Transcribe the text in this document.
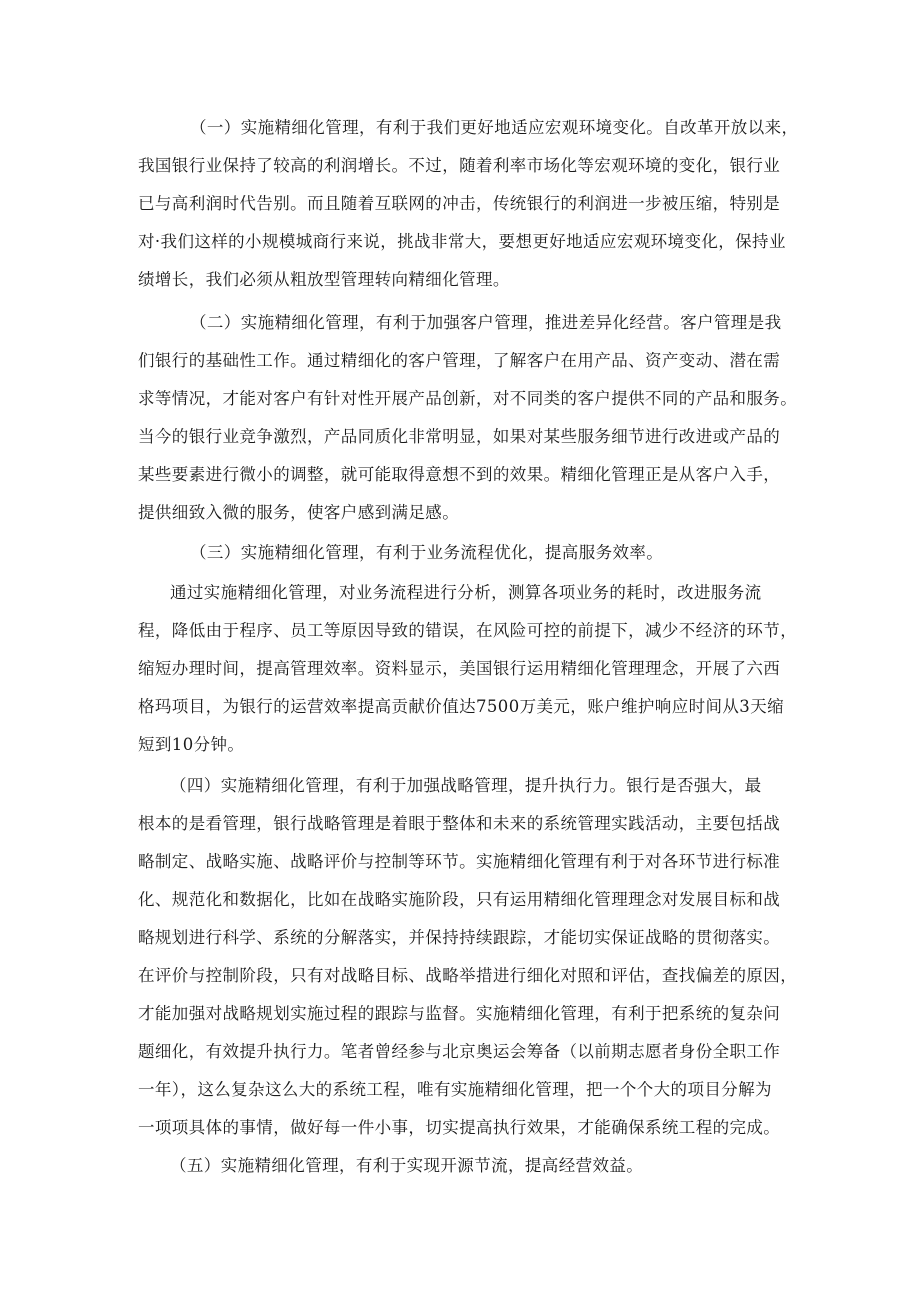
（一）实施精细化管理，有利于我们更好地适应宏观环境变化。自改革开放以来，
我国银行业保持了较高的利润增长。不过，随着利率市场化等宏观环境的变化，银行业
已与高利润时代告别。而且随着互联网的冲击，传统银行的利润进一步被压缩，特别是
对·我们这样的小规模城商行来说，挑战非常大，要想更好地适应宏观环境变化，保持业
绩增长，我们必须从粗放型管理转向精细化管理。
（二）实施精细化管理，有利于加强客户管理，推进差异化经营。客户管理是我
们银行的基础性工作。通过精细化的客户管理，了解客户在用产品、资产变动、潜在需
求等情况，才能对客户有针对性开展产品创新，对不同类的客户提供不同的产品和服务。
当今的银行业竞争激烈，产品同质化非常明显，如果对某些服务细节进行改进或产品的
某些要素进行微小的调整，就可能取得意想不到的效果。精细化管理正是从客户入手，
提供细致入微的服务，使客户感到满足感。
（三）实施精细化管理，有利于业务流程优化，提高服务效率。
通过实施精细化管理，对业务流程进行分析，测算各项业务的耗时，改进服务流
程，降低由于程序、员工等原因导致的错误，在风险可控的前提下，减少不经济的环节，
缩短办理时间，提高管理效率。资料显示，美国银行运用精细化管理理念，开展了六西
格玛项目，为银行的运营效率提高贡献价值达7500万美元，账户维护响应时间从3天缩
短到10分钟。
（四）实施精细化管理，有利于加强战略管理，提升执行力。银行是否强大，最
根本的是看管理，银行战略管理是着眼于整体和未来的系统管理实践活动，主要包括战
略制定、战略实施、战略评价与控制等环节。实施精细化管理有利于对各环节进行标准
化、规范化和数据化，比如在战略实施阶段，只有运用精细化管理理念对发展目标和战
略规划进行科学、系统的分解落实，并保持持续跟踪，才能切实保证战略的贯彻落实。
在评价与控制阶段，只有对战略目标、战略举措进行细化对照和评估，查找偏差的原因，
才能加强对战略规划实施过程的跟踪与监督。实施精细化管理，有利于把系统的复杂问
题细化，有效提升执行力。笔者曾经参与北京奥运会筹备（以前期志愿者身份全职工作
一年），这么复杂这么大的系统工程，唯有实施精细化管理，把一个个大的项目分解为
一项项具体的事情，做好每一件小事，切实提高执行效果，才能确保系统工程的完成。
（五）实施精细化管理，有利于实现开源节流，提高经营效益。
